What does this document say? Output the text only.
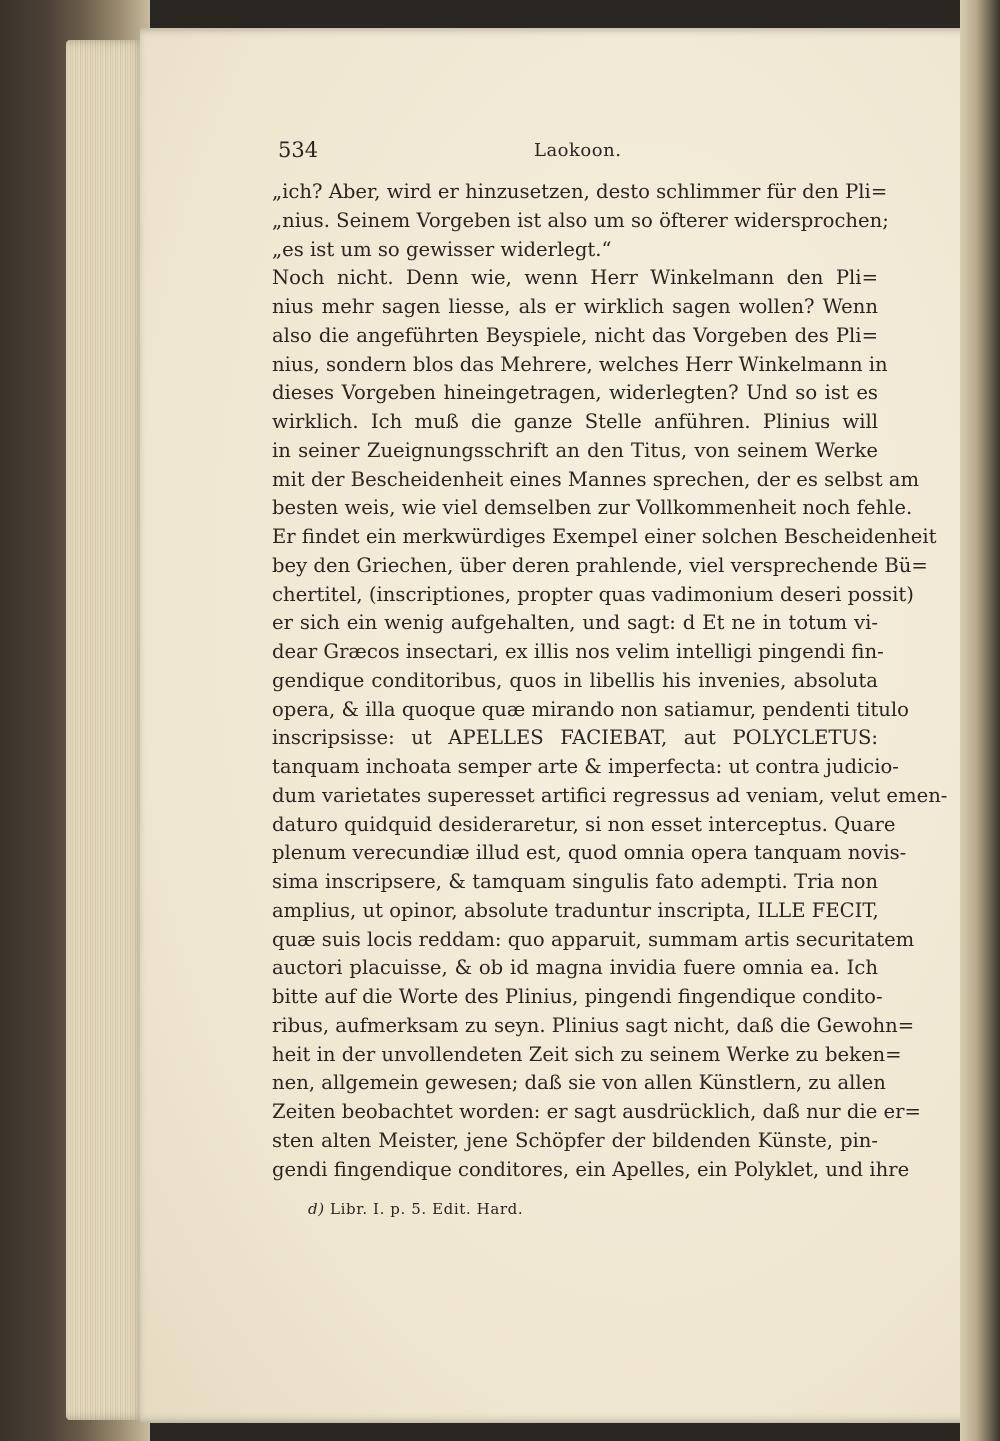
534	Laokoon.
„ich? Aber, wird er hinzusetzen, desto schlimmer für den Pli=
„nius. Seinem Vorgeben ist also um so öfterer widersprochen;
„es ist um so gewisser widerlegt.“
Noch nicht. Denn wie, wenn Herr Winkelmann den Pli=
nius mehr sagen liesse, als er wirklich sagen wollen? Wenn
also die angeführten Beyspiele, nicht das Vorgeben des Pli=
nius, sondern blos das Mehrere, welches Herr Winkelmann in
dieses Vorgeben hineingetragen, widerlegten? Und so ist es
wirklich. Ich muß die ganze Stelle anführen. Plinius will
in seiner Zueignungsschrift an den Titus, von seinem Werke
mit der Bescheidenheit eines Mannes sprechen, der es selbst am
besten weis, wie viel demselben zur Vollkommenheit noch fehle.
Er findet ein merkwürdiges Exempel einer solchen Bescheidenheit
bey den Griechen, über deren prahlende, viel versprechende Bü=
chertitel, (inscriptiones, propter quas vadimonium deseri possit)
er sich ein wenig aufgehalten, und sagt: d Et ne in totum vi-
dear Græcos insectari, ex illis nos velim intelligi pingendi fin-
gendique conditoribus, quos in libellis his invenies, absoluta
opera, & illa quoque quæ mirando non satiamur, pendenti titulo
inscripsisse: ut APELLES FACIEBAT, aut POLYCLETUS:
tanquam inchoata semper arte & imperfecta: ut contra judicio-
dum varietates superesset artifici regressus ad veniam, velut emen-
daturo quidquid desideraretur, si non esset interceptus. Quare
plenum verecundiæ illud est, quod omnia opera tanquam novis-
sima inscripsere, & tamquam singulis fato adempti. Tria non
amplius, ut opinor, absolute traduntur inscripta, ILLE FECIT,
quæ suis locis reddam: quo apparuit, summam artis securitatem
auctori placuisse, & ob id magna invidia fuere omnia ea. Ich
bitte auf die Worte des Plinius, pingendi fingendique condito-
ribus, aufmerksam zu seyn. Plinius sagt nicht, daß die Gewohn=
heit in der unvollendeten Zeit sich zu seinem Werke zu beken=
nen, allgemein gewesen; daß sie von allen Künstlern, zu allen
Zeiten beobachtet worden: er sagt ausdrücklich, daß nur die er=
sten alten Meister, jene Schöpfer der bildenden Künste, pin-
gendi fingendique conditores, ein Apelles, ein Polyklet, und ihre
d) Libr. I. p. 5. Edit. Hard.
